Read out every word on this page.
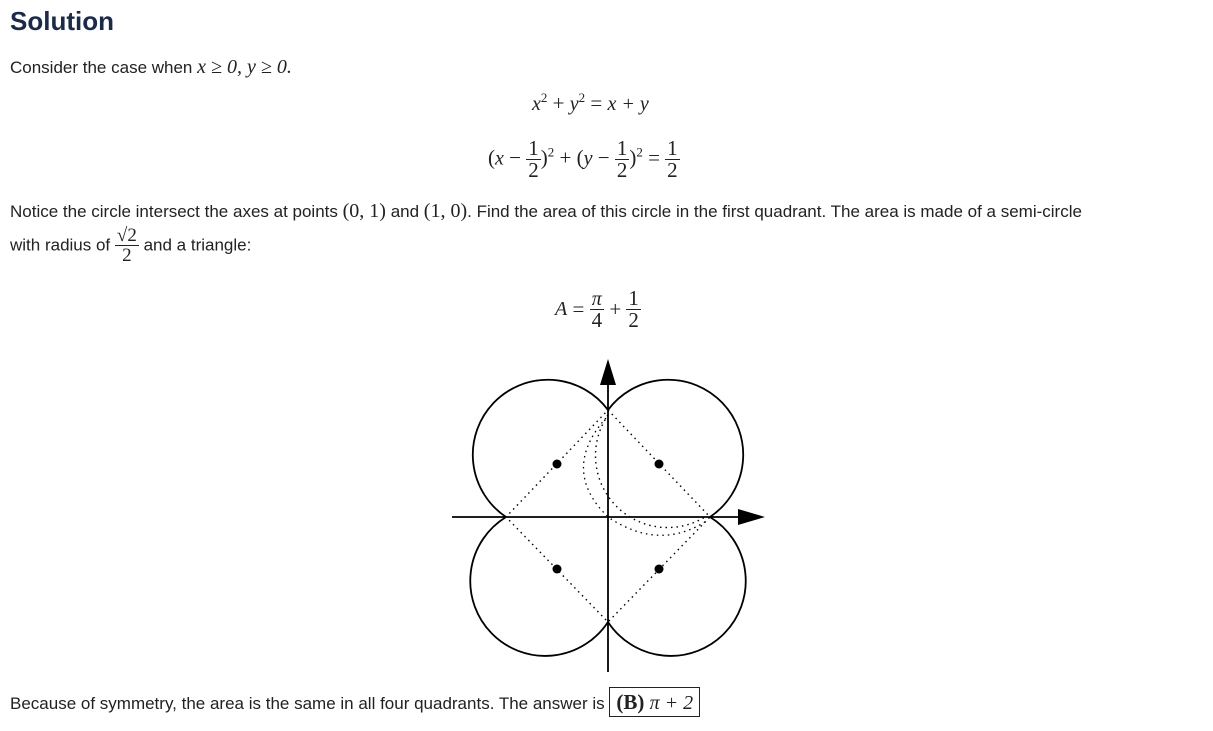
Solution
Consider the case when x ≥ 0, y ≥ 0.
$x^2 + y^2 = x + y$
$(x - \frac{1}{2} )^2 + (y - \frac{1}{2} )^2 = \frac{1}{2}$
Notice the circle intersect the axes at points (0, 1) and (1, 0). Find the area of this circle in the first quadrant. The area is made of a semi-circle
with radius of $\frac{√2}{2}$ and a triangle:
$A = \frac{\pi}{4} + \frac{1}{2}$
Because of symmetry, the area is the same in all four quadrants. The answer is (B) π + 2
